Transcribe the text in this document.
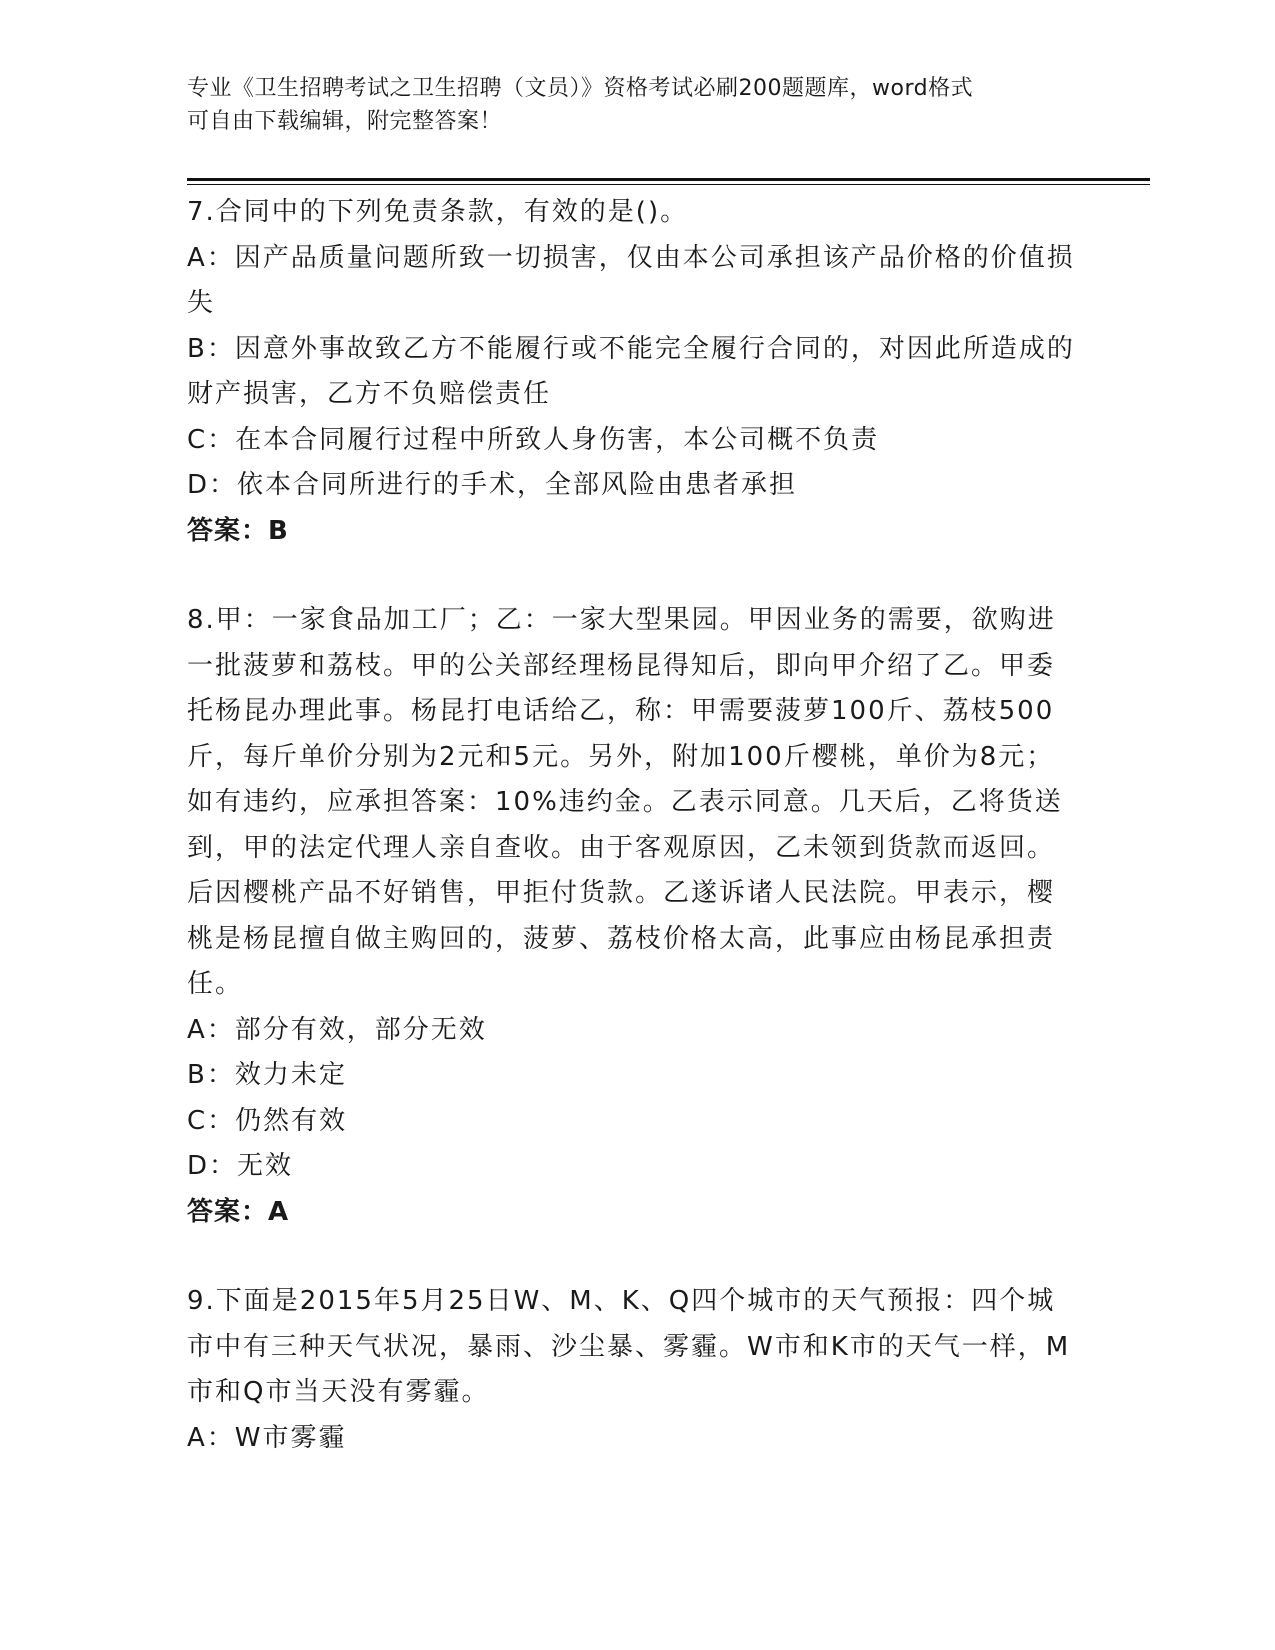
专业《卫生招聘考试之卫生招聘（文员）》资格考试必刷200题题库，word格式
可自由下载编辑，附完整答案！

7.合同中的下列免责条款，有效的是()。

A：因产品质量问题所致一切损害，仅由本公司承担该产品价格的价值损失

B：因意外事故致乙方不能履行或不能完全履行合同的，对因此所造成的财产损害，乙方不负赔偿责任

C：在本合同履行过程中所致人身伤害，本公司概不负责

D：依本合同所进行的手术，全部风险由患者承担

答案：B

8.甲：一家食品加工厂；乙：一家大型果园。甲因业务的需要，欲购进一批菠萝和荔枝。甲的公关部经理杨昆得知后，即向甲介绍了乙。甲委托杨昆办理此事。杨昆打电话给乙，称：甲需要菠萝100斤、荔枝500斤，每斤单价分别为2元和5元。另外，附加100斤樱桃，单价为8元；如有违约，应承担答案：10%违约金。乙表示同意。几天后，乙将货送到，甲的法定代理人亲自查收。由于客观原因，乙未领到货款而返回。后因樱桃产品不好销售，甲拒付货款。乙遂诉诸人民法院。甲表示，樱桃是杨昆擅自做主购回的，菠萝、荔枝价格太高，此事应由杨昆承担责任。

A：部分有效，部分无效

B：效力未定

C：仍然有效

D：无效

答案：A

9.下面是2015年5月25日W、M、K、Q四个城市的天气预报：四个城市中有三种天气状况，暴雨、沙尘暴、雾霾。W市和K市的天气一样，M市和Q市当天没有雾霾。

A：W市雾霾
